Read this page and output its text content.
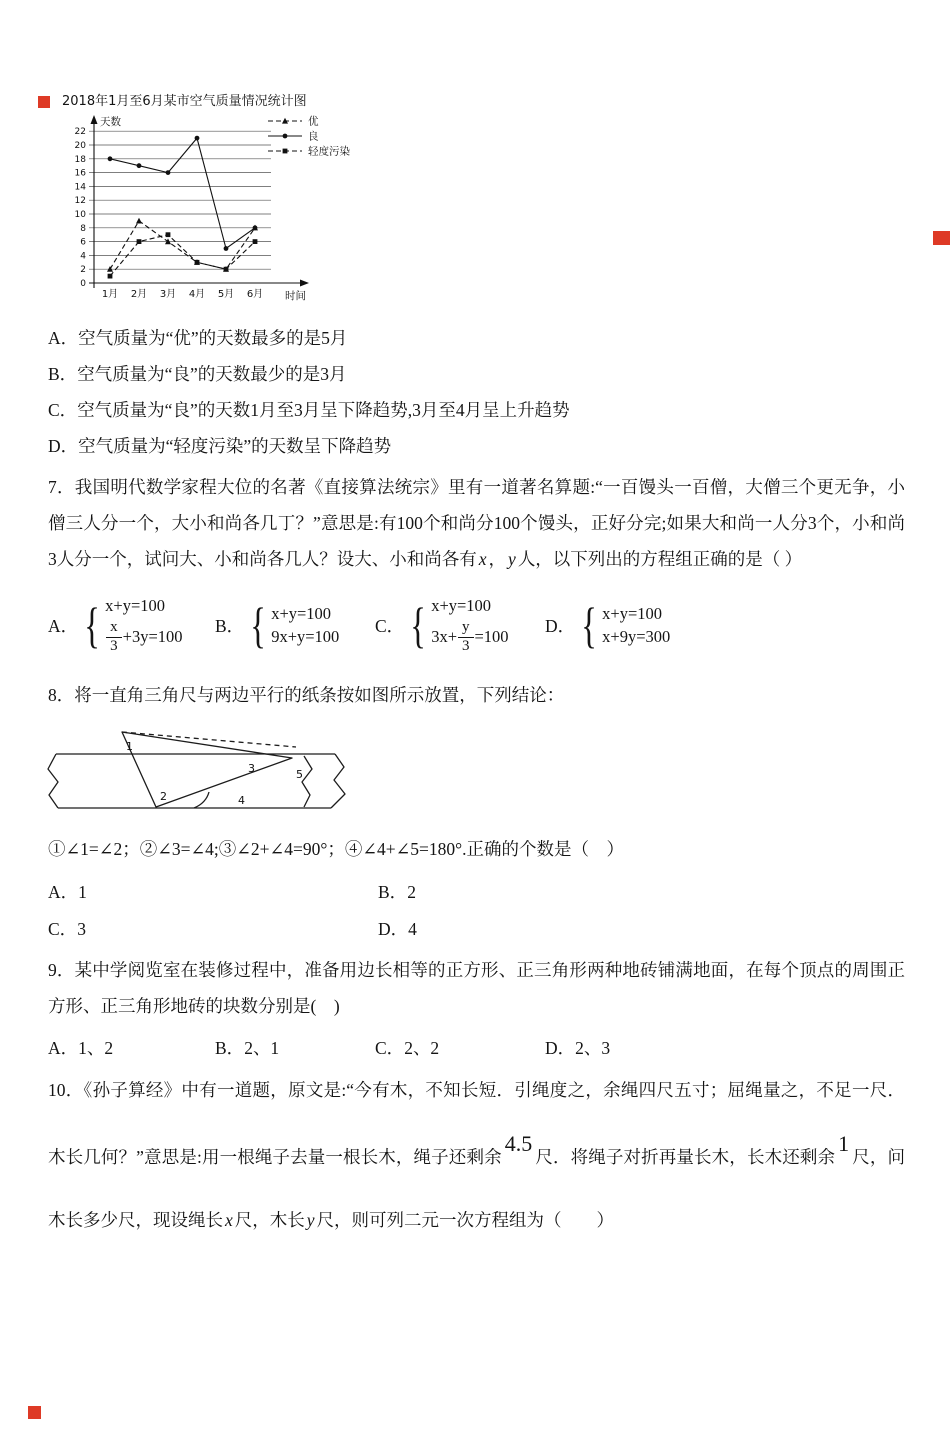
2018年1月至6月某市空气质量情况统计图
0
2
4
6
8
10
12
14
16
18
20
22
天数
时间
1月 2月 3月 4月 5月 6月
优
良
轻度污染
A．空气质量为“优”的天数最多的是5月
B．空气质量为“良”的天数最少的是3月
C．空气质量为“良”的天数1月至3月呈下降趋势,3月至4月呈上升趋势
D．空气质量为“轻度污染”的天数呈下降趋势

7．我国明代数学家程大位的名著《直接算法统宗》里有一道著名算题:“一百馒头一百僧，大僧三个更无争，小僧三人分一个，大小和尚各几丁？”意思是:有100个和尚分100个馒头，正好分完;如果大和尚一人分3个，小和尚3人分一个，试问大、小和尚各几人？设大、小和尚各有 x ， y 人，以下列出的方程组正确的是（ ）

A． { x+y=100
$\frac{x}{3} +3y=100$
B． { x+y=100
9x+y=100
C． { x+y=100
$3x+ \frac{y}{3} =100$
D． { x+y=100
x+9y=300

8．将一直角三角尺与两边平行的纸条按如图所示放置，下列结论：

1
2
3
4
5

①∠1=∠2；②∠3=∠4;③∠2+∠4=90°；④∠4+∠5=180°.正确的个数是（　）

A．1	B．2
C．3	D．4

9．某中学阅览室在装修过程中，准备用边长相等的正方形、正三角形两种地砖铺满地面，在每个顶点的周围正方形、正三角形地砖的块数分别是(　)

A．1、2	B．2、1	C．2、2	D．2、3

10．《孙子算经》中有一道题，原文是:“今有木，不知长短．引绳度之，余绳四尺五寸；屈绳量之，不足一尺．木长几何？”意思是:用一根绳子去量一根长木，绳子还剩余4.5尺．将绳子对折再量长木，长木还剩余1尺，问木长多少尺，现设绳长 x 尺，木长 y 尺，则可列二元一次方程组为（　　）
